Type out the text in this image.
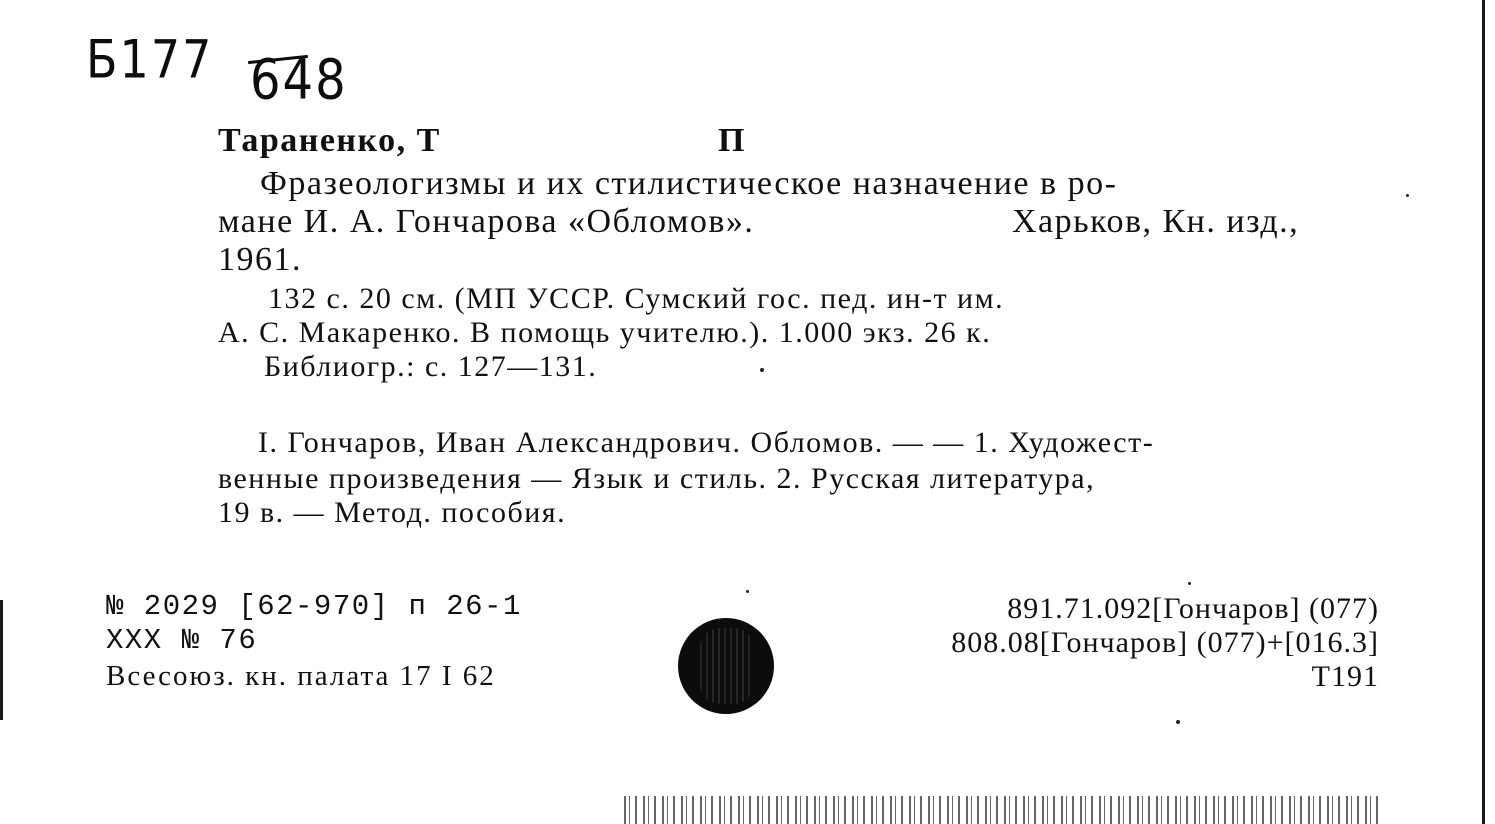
Б177 648
Тараненко, Т	П
Фразеологизмы и их стилистическое назначение в ро-
мане И. А. Гончарова «Обломов».	Харьков, Кн. изд.,
1961.
132 с. 20 см. (МП УССР. Сумский гос. пед. ин-т им.
А. С. Макаренко. В помощь учителю.). 1.000 экз. 26 к.
Библиогр.: с. 127—131.
I. Гончаров, Иван Александрович. Обломов. — — 1. Художест-
венные произведения — Язык и стиль. 2. Русская литература,
19 в. — Метод. пособия.
№ 2029 [62-970] п 26-1
XXX № 76
Всесоюз. кн. палата 17 I 62
891.71.092[Гончаров] (077)
808.08[Гончаров] (077)+[016.3]
Т191
